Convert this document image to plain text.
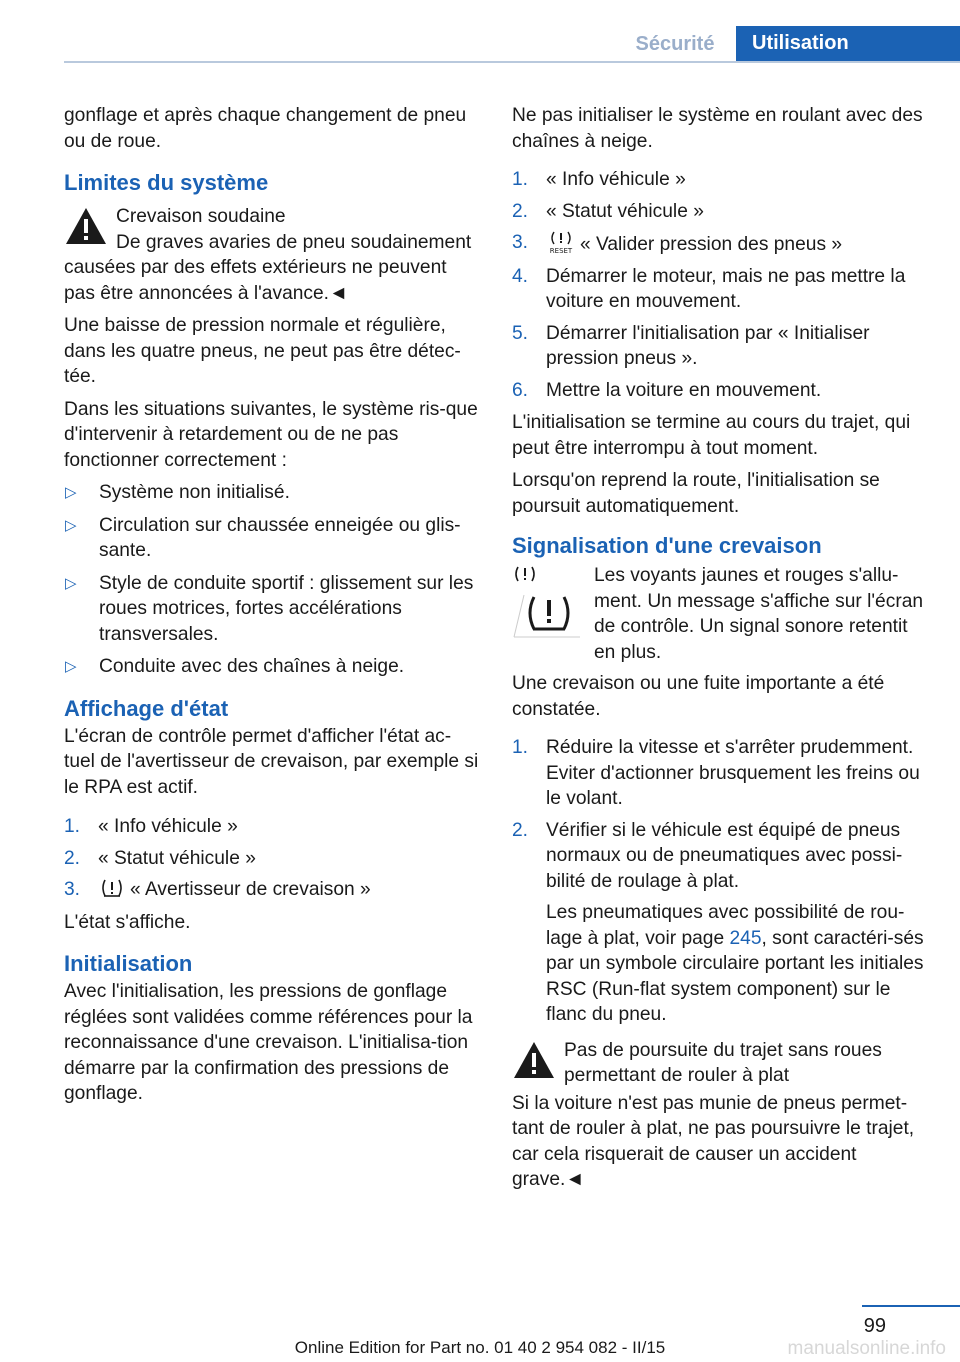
Sécurité	Utilisation

gonflage et après chaque changement de pneu ou de roue.

Limites du système
Crevaison soudaine

De graves avaries de pneu soudainement causées par des effets extérieurs ne peuvent pas être annoncées à l'avance.◄

Une baisse de pression normale et régulière, dans les quatre pneus, ne peut pas être détec‐tée.

Dans les situations suivantes, le système ris‐que d'intervenir à retardement ou de ne pas fonctionner correctement :

▷ Système non initialisé.
▷ Circulation sur chaussée enneigée ou glis‐sante.
▷ Style de conduite sportif : glissement sur les roues motrices, fortes accélérations transversales.
▷ Conduite avec des chaînes à neige.
Affichage d'état

L'écran de contrôle permet d'afficher l'état ac‐tuel de l'avertisseur de crevaison, par exemple si le RPA est actif.

1. « Info véhicule »
2. « Statut véhicule »
3.	« Avertisseur de crevaison »

L'état s'affiche.

Initialisation

Avec l'initialisation, les pressions de gonflage réglées sont validées comme références pour la reconnaissance d'une crevaison. L'initialisa‐tion démarre par la confirmation des pressions de gonflage.

Ne pas initialiser le système en roulant avec des chaînes à neige.

1. « Info véhicule »
2. « Statut véhicule »
3.	RESET « Valider pression des pneus »
4. Démarrer le moteur, mais ne pas mettre la voiture en mouvement.
5. Démarrer l'initialisation par « Initialiser pression pneus ».
6. Mettre la voiture en mouvement.

L'initialisation se termine au cours du trajet, qui peut être interrompu à tout moment.

Lorsqu'on reprend la route, l'initialisation se poursuit automatiquement.

Signalisation d'une crevaison
Les voyants jaunes et rouges s'allu‐ment. Un message s'affiche sur l'écran de contrôle. Un signal sonore retentit en plus.

Une crevaison ou une fuite importante a été constatée.

1. Réduire la vitesse et s'arrêter prudemment. Eviter d'actionner brusquement les freins ou le volant.
2. Vérifier si le véhicule est équipé de pneus normaux ou de pneumatiques avec possi‐bilité de roulage à plat.
Les pneumatiques avec possibilité de rou‐lage à plat, voir page 245, sont caractéri‐sés par un symbole circulaire portant les initiales RSC (Run-flat system component) sur le flanc du pneu.
Pas de poursuite du trajet sans roues permettant de rouler à plat

Si la voiture n'est pas munie de pneus permet‐tant de rouler à plat, ne pas poursuivre le trajet, car cela risquerait de causer un accident grave.◄

99
Online Edition for Part no. 01 40 2 954 082 - II/15	manualsonline.info
